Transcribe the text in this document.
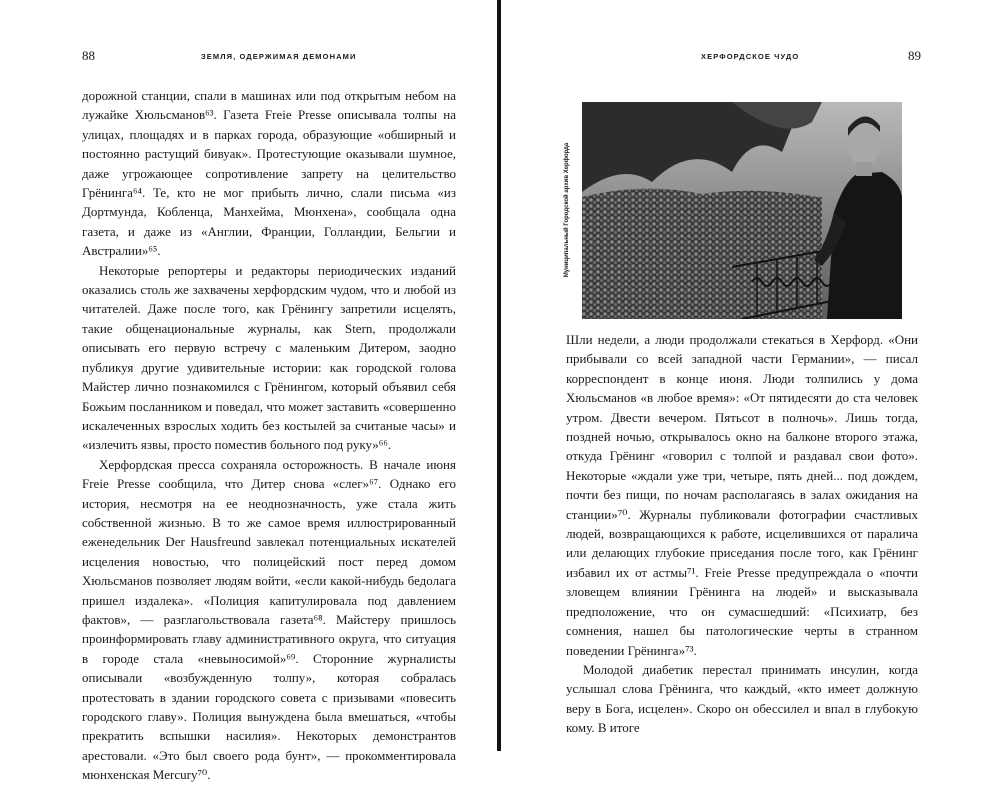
88	ЗЕМЛЯ, ОДЕРЖИМАЯ ДЕМОНАМИ

дорожной станции, спали в машинах или под открытым небом на лужайке Хюльсманов⁶³. Газета Freie Presse описывала толпы на улицах, площадях и в парках города, образующие «обширный и постоянно растущий бивуак». Протестующие оказывали шумное, даже угрожающее сопротивление запрету на целительство Грёнинга⁶⁴. Те, кто не мог прибыть лично, слали письма «из Дортмунда, Кобленца, Манхейма, Мюнхена», сообщала одна газета, и даже из «Англии, Франции, Голландии, Бельгии и Австралии»⁶⁵.

Некоторые репортеры и редакторы периодических изданий оказались столь же захвачены херфордским чудом, что и любой из читателей. Даже после того, как Грёнингу запретили исцелять, такие общенациональные журналы, как Stern, продолжали описывать его первую встречу с маленьким Дитером, заодно публикуя другие удивительные истории: как городской голова Майстер лично познакомился с Грёнингом, который объявил себя Божьим посланником и поведал, что может заставить «совершенно искалеченных взрослых ходить без костылей за считаные часы» и «излечить язвы, просто поместив больного под руку»⁶⁶.

Херфордская пресса сохраняла осторожность. В начале июня Freie Presse сообщила, что Дитер снова «слег»⁶⁷. Однако его история, несмотря на ее неоднозначность, уже стала жить собственной жизнью. В то же самое время иллюстрированный еженедельник Der Hausfreund завлекал потенциальных искателей исцеления новостью, что полицейский пост перед домом Хюльсманов позволяет людям войти, «если какой-нибудь бедолага пришел издалека». «Полиция капитулировала под давлением фактов», — разглагольствовала газета⁶⁸. Майстеру пришлось проинформировать главу административного округа, что ситуация в городе стала «невыносимой»⁶⁹. Сторонние журналисты описывали «возбужденную толпу», которая собралась протестовать в здании городского совета с призывами «повесить городского главу». Полиция вынуждена была вмешаться, «чтобы прекратить вспышки насилия». Некоторых демонстрантов арестовали. «Это был своего рода бунт», — прокомментировала мюнхенская Mercury⁷⁰.

89
ХЕРФОРДСКОЕ ЧУДО
Муниципальный Городской архив Херфорда

Шли недели, а люди продолжали стекаться в Херфорд. «Они прибывали со всей западной части Германии», — писал корреспондент в конце июня. Люди толпились у дома Хюльсманов «в любое время»: «От пятидесяти до ста человек утром. Двести вечером. Пятьсот в полночь». Лишь тогда, поздней ночью, открывалось окно на балконе второго этажа, откуда Грёнинг «говорил с толпой и раздавал свои фото». Некоторые «ждали уже три, четыре, пять дней... под дождем, почти без пищи, по ночам располагаясь в залах ожидания на станции»⁷⁰. Журналы публиковали фотографии счастливых людей, возвращающихся к работе, исцелившихся от паралича или делающих глубокие приседания после того, как Грёнинг избавил их от астмы⁷¹. Freie Presse предупреждала о «почти зловещем влиянии Грёнинга на людей» и высказывала предположение, что он сумасшедший: «Психиатр, без сомнения, нашел бы патологические черты в странном поведении Грёнинга»⁷³.

Молодой диабетик перестал принимать инсулин, когда услышал слова Грёнинга, что каждый, «кто имеет должную веру в Бога, исцелен». Скоро он обессилел и впал в глубокую кому. В итоге
